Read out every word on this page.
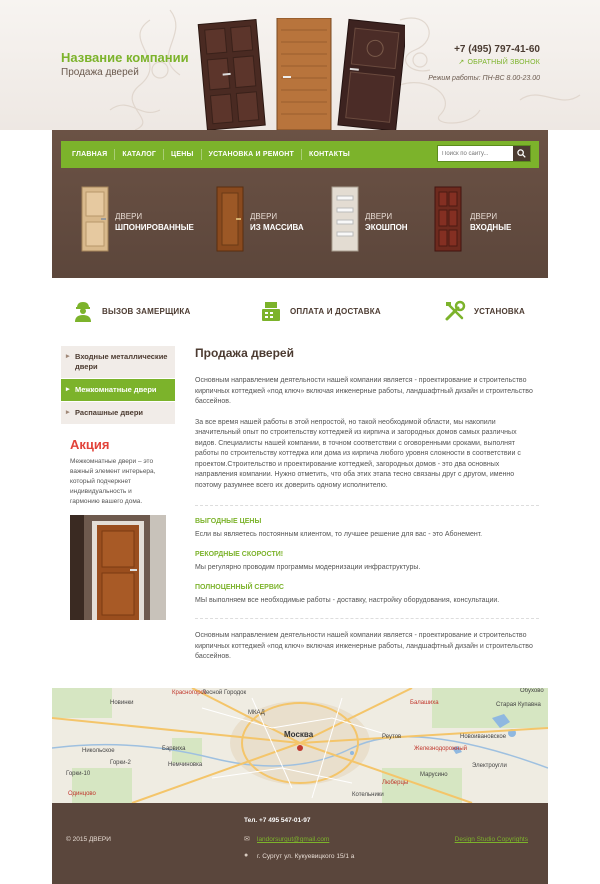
Название компании
Продажа дверей
+7 (495) 797-41-60
↗ ОБРАТНЫЙ ЗВОНОК
Режим работы: ПН-ВС 8.00-23.00
ГЛАВНАЯ	КАТАЛОГ	ЦЕНЫ	УСТАНОВКА И РЕМОНТ	КОНТАКТЫ
Поиск по сайту...
ДВЕРИ
ШПОНИРОВАННЫЕ
ДВЕРИ
ИЗ МАССИВА
ДВЕРИ
ЭКОШПОН
ДВЕРИ
ВХОДНЫЕ
ВЫЗОВ ЗАМЕРЩИКА	ОПЛАТА И ДОСТАВКА	УСТАНОВКА
▸ Входные металлические двери
▸ Межкомнатные двери
▸ Распашные двери
Акция
Межкомнатные двери – это важный элемент интерьера, который подчеркнет индивидуальность и гармонию вашего дома.
Продажа дверей

Основным направлением деятельности нашей компании является - проектирование и строительство кирпичных коттеджей «под ключ» включая инженерные работы, ландшафтный дизайн и строительство бассейнов.

За все время нашей работы в этой непростой, но такой необходимой области, мы накопили значительный опыт по строительству коттеджей из кирпича и загородных домов самых различных видов. Специалисты нашей компании, в точном соответствии с оговоренными сроками, выполнят работы по строительству коттеджа или дома из кирпича любого уровня сложности в соответствии с проектом.Строительство и проектирование коттеджей, загородных домов - это два основных направления компании. Нужно отметить, что оба этих этапа тесно связаны друг с другом, именно поэтому разумнее всего их доверить одному исполнителю.

ВЫГОДНЫЕ ЦЕНЫ
Если вы являетесь постоянным клиентом, то лучшее решение для вас - это Абонемент.
РЕКОРДНЫЕ СКОРОСТИ!
Мы регулярно проводим программы модернизации инфраструктуры.
ПОЛНОЦЕННЫЙ СЕРВИС
МЫ выполняем все необходимые работы - доставку, настройку оборудования, консультации.

Основным направлением деятельности нашей компании является - проектирование и строительство кирпичных коттеджей «под ключ» включая инженерные работы, ландшафтный дизайн и строительство бассейнов.

Красногорск
Новинки
Москва
Балашиха
Реутов
Одинцово
Барвиха
Никольское
Горки-10
Люберцы
Железнодорожный
Электроугли
Марусино
Старая Купавна
Обухово
Немчиновка
Горки-2
Новоивановское
Лесной Городок
Котельники
МКАД
© 2015 ДВЕРИ
Тел. +7 495 547-01-97
✉ landorsurgut@gmail.com
● г. Сургут ул. Кукуевицкого 15/1 а
Design Studio Copyrights
